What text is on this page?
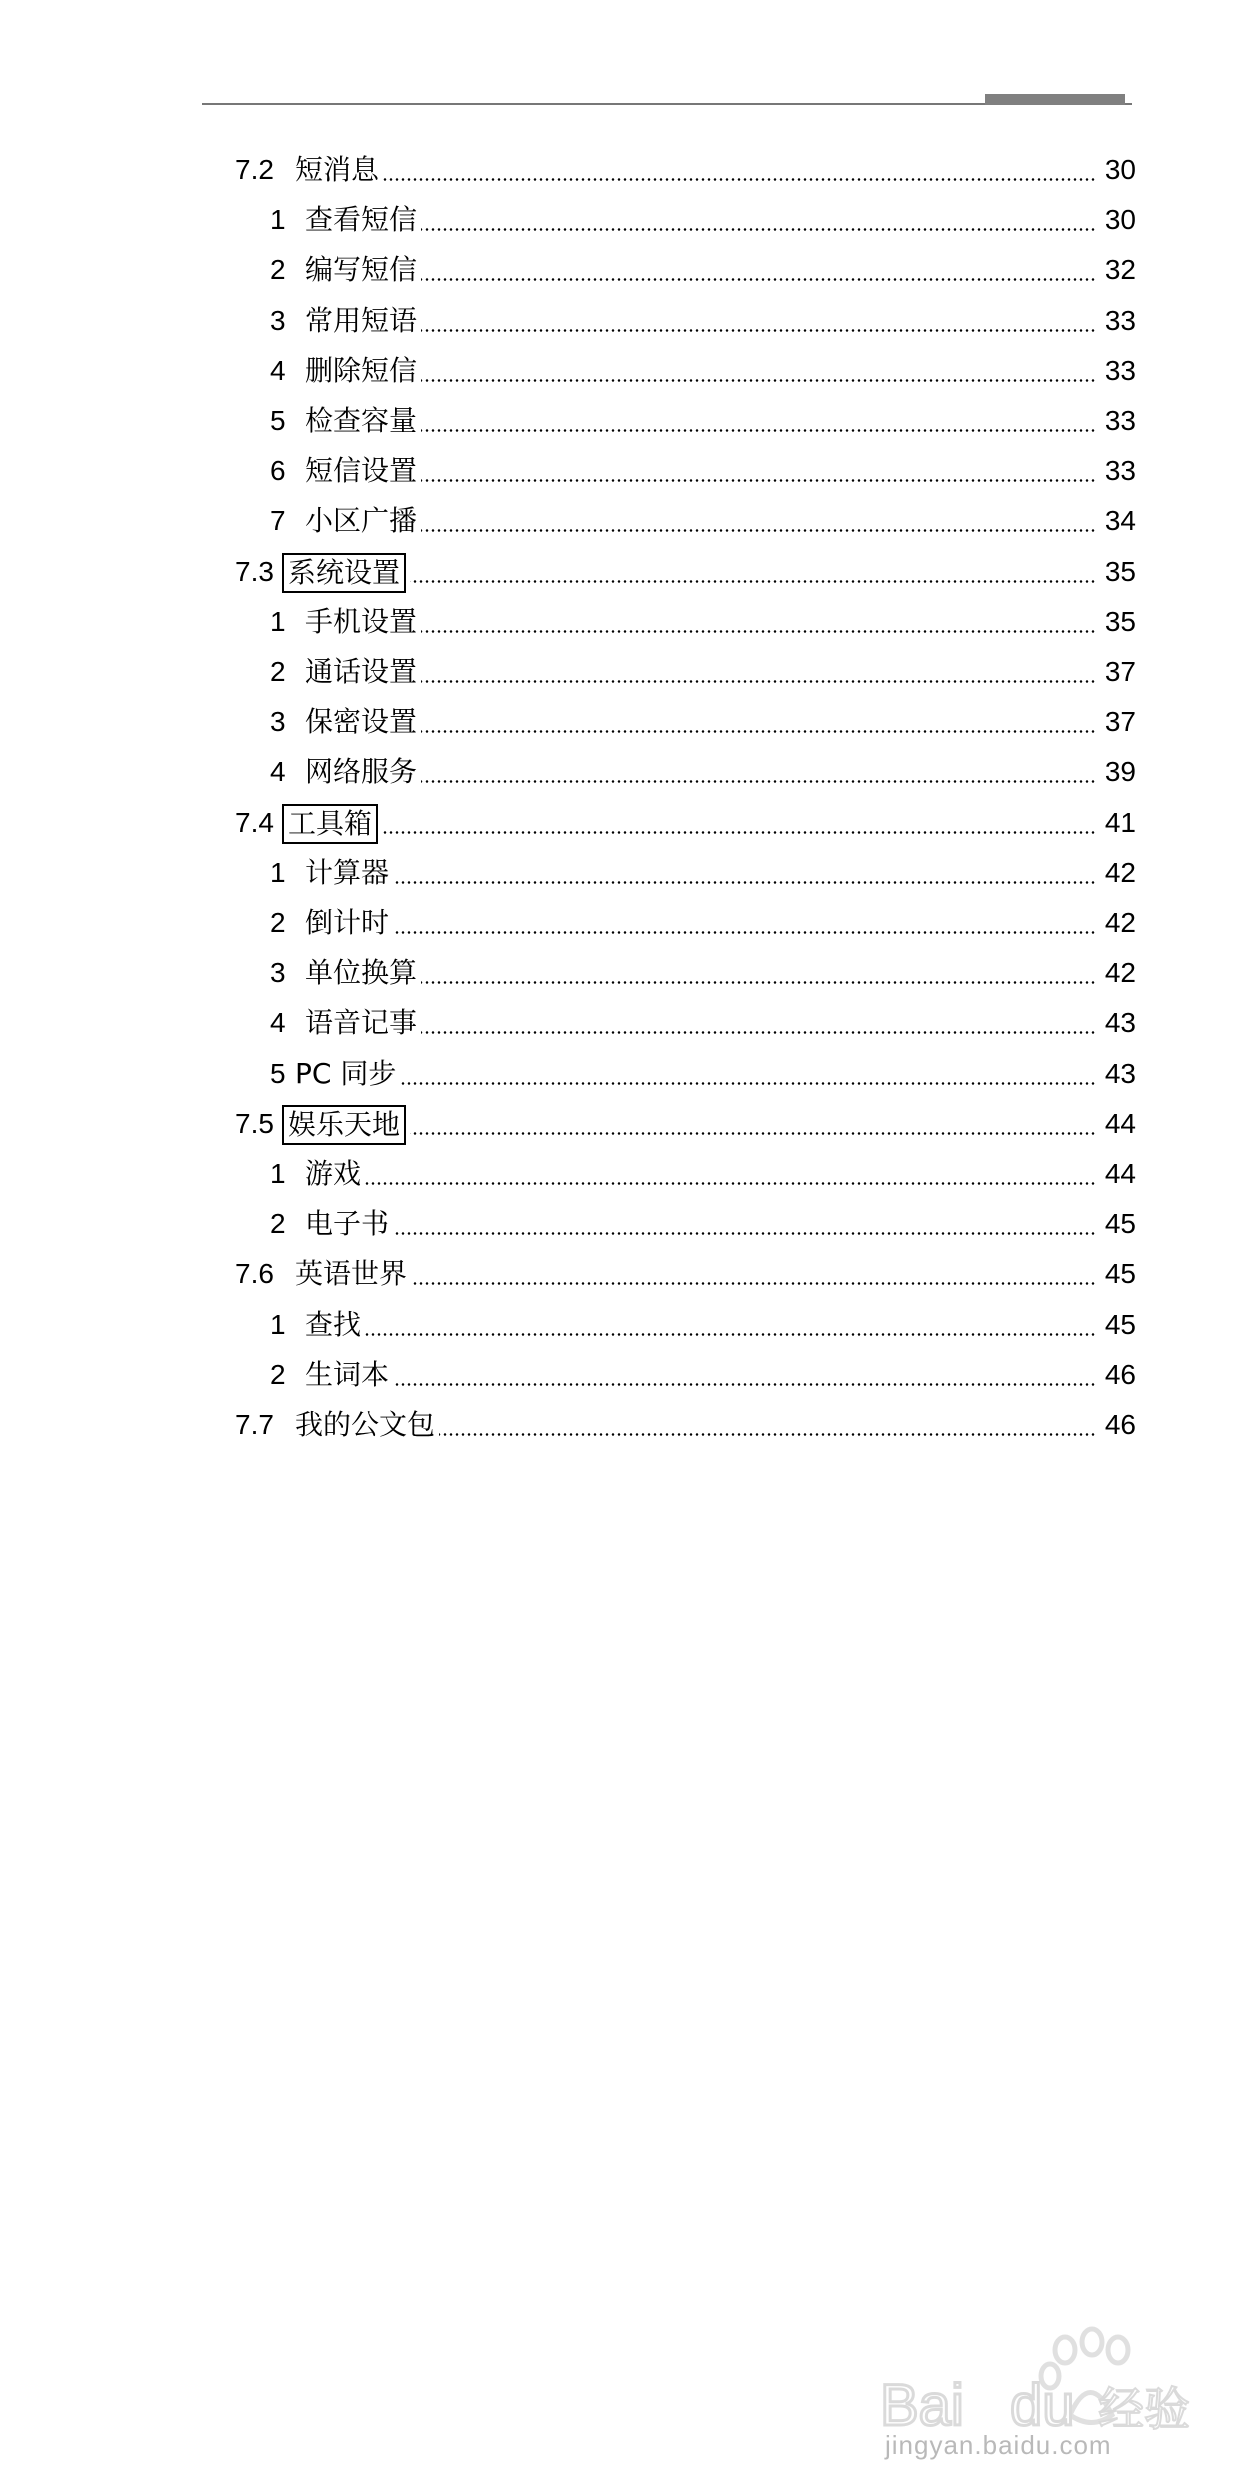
7.2 短消息	30
1 查看短信	30
2 编写短信	32
3 常用短语	33
4 删除短信	33
5 检查容量	33
6 短信设置	33
7 小区广播	34
7.3 系统设置	35
1 手机设置	35
2 通话设置	37
3 保密设置	37
4 网络服务	39
7.4 工具箱	41
1 计算器	42
2 倒计时	42
3 单位换算	42
4 语音记事	43
5 PC 同步	43
7.5 娱乐天地	44
1 游戏	44
2 电子书	45
7.6 英语世界	45
1 查找	45
2 生词本	46
7.7 我的公文包	46
Bai du 经验
jingyan.baidu.com
